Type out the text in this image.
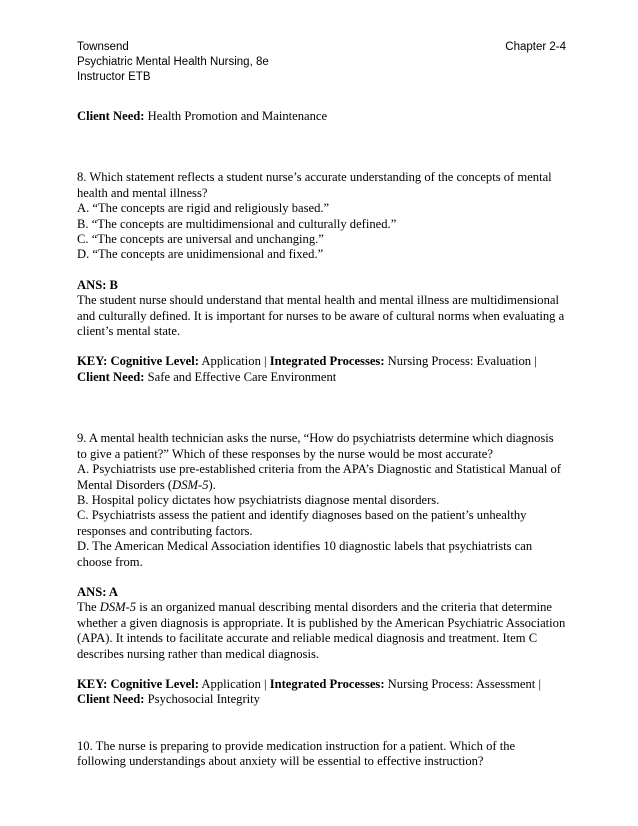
Townsend	Chapter 2-4
Psychiatric Mental Health Nursing, 8e
Instructor ETB

Client Need: Health Promotion and Maintenance

8. Which statement reflects a student nurse’s accurate understanding of the concepts of mental health and mental illness?

A. “The concepts are rigid and religiously based.”

B. “The concepts are multidimensional and culturally defined.”

C. “The concepts are universal and unchanging.”

D. “The concepts are unidimensional and fixed.”

ANS: B

The student nurse should understand that mental health and mental illness are multidimensional and culturally defined. It is important for nurses to be aware of cultural norms when evaluating a client’s mental state.

KEY: Cognitive Level: Application | Integrated Processes: Nursing Process: Evaluation | Client Need: Safe and Effective Care Environment

9. A mental health technician asks the nurse, “How do psychiatrists determine which diagnosis to give a patient?” Which of these responses by the nurse would be most accurate?

A. Psychiatrists use pre-established criteria from the APA’s Diagnostic and Statistical Manual of Mental Disorders (DSM-5).

B. Hospital policy dictates how psychiatrists diagnose mental disorders.

C. Psychiatrists assess the patient and identify diagnoses based on the patient’s unhealthy responses and contributing factors.

D. The American Medical Association identifies 10 diagnostic labels that psychiatrists can choose from.

ANS: A

The DSM-5 is an organized manual describing mental disorders and the criteria that determine whether a given diagnosis is appropriate. It is published by the American Psychiatric Association (APA). It intends to facilitate accurate and reliable medical diagnosis and treatment. Item C describes nursing rather than medical diagnosis.

KEY: Cognitive Level: Application | Integrated Processes: Nursing Process: Assessment | Client Need: Psychosocial Integrity

10. The nurse is preparing to provide medication instruction for a patient. Which of the following understandings about anxiety will be essential to effective instruction?
